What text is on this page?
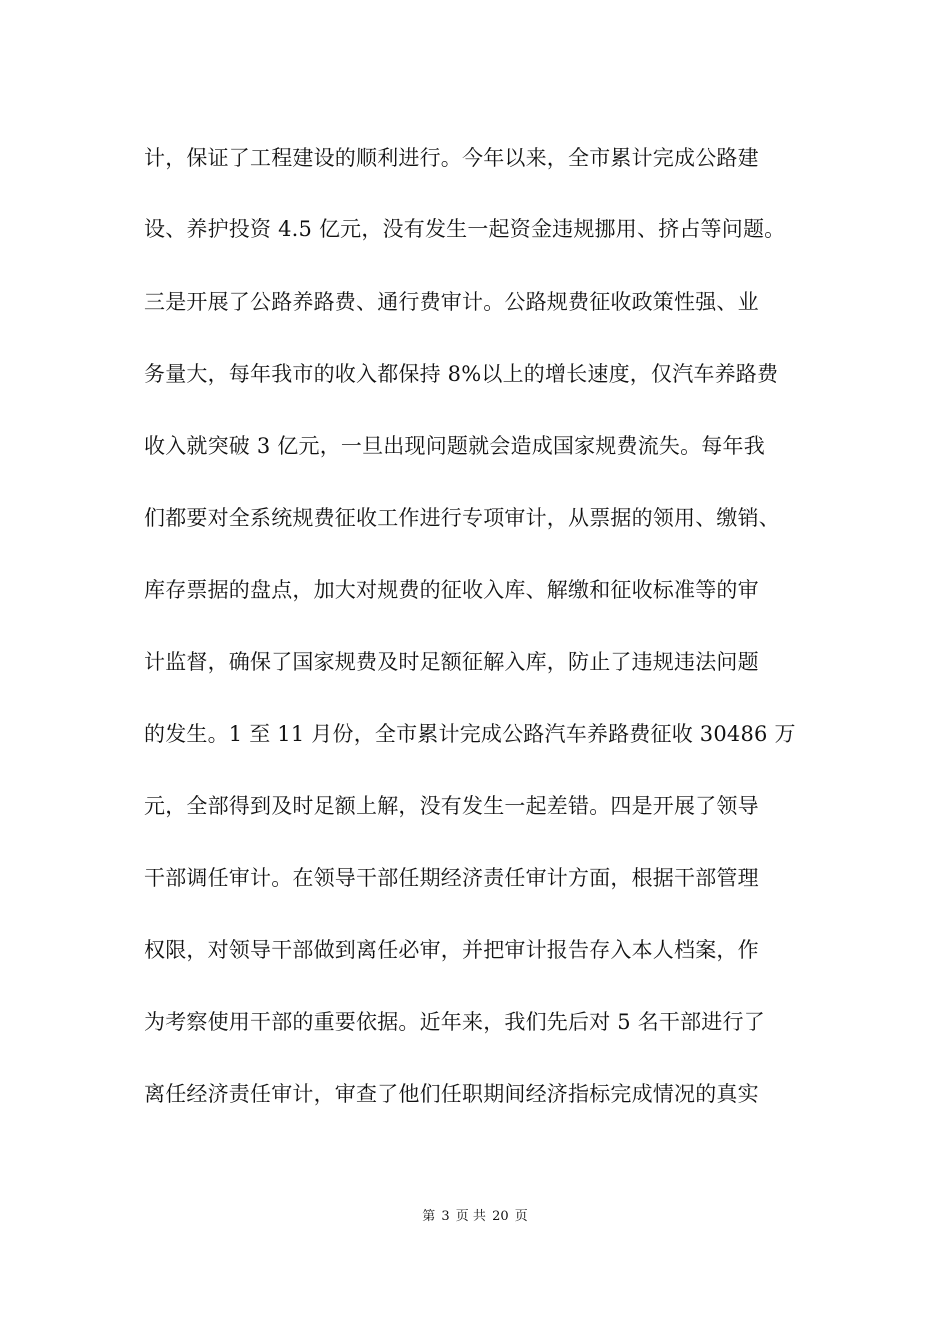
计，保证了工程建设的顺利进行。今年以来，全市累计完成公路建
设、养护投资 4.5 亿元，没有发生一起资金违规挪用、挤占等问题。
三是开展了公路养路费、通行费审计。公路规费征收政策性强、业
务量大，每年我市的收入都保持 8%以上的增长速度，仅汽车养路费
收入就突破 3 亿元，一旦出现问题就会造成国家规费流失。每年我
们都要对全系统规费征收工作进行专项审计，从票据的领用、缴销、
库存票据的盘点，加大对规费的征收入库、解缴和征收标准等的审
计监督，确保了国家规费及时足额征解入库，防止了违规违法问题
的发生。1 至 11 月份，全市累计完成公路汽车养路费征收 30486 万
元，全部得到及时足额上解，没有发生一起差错。四是开展了领导
干部调任审计。在领导干部任期经济责任审计方面，根据干部管理
权限，对领导干部做到离任必审，并把审计报告存入本人档案，作
为考察使用干部的重要依据。近年来，我们先后对 5 名干部进行了
离任经济责任审计，审查了他们任职期间经济指标完成情况的真实
第 3 页 共 20 页
